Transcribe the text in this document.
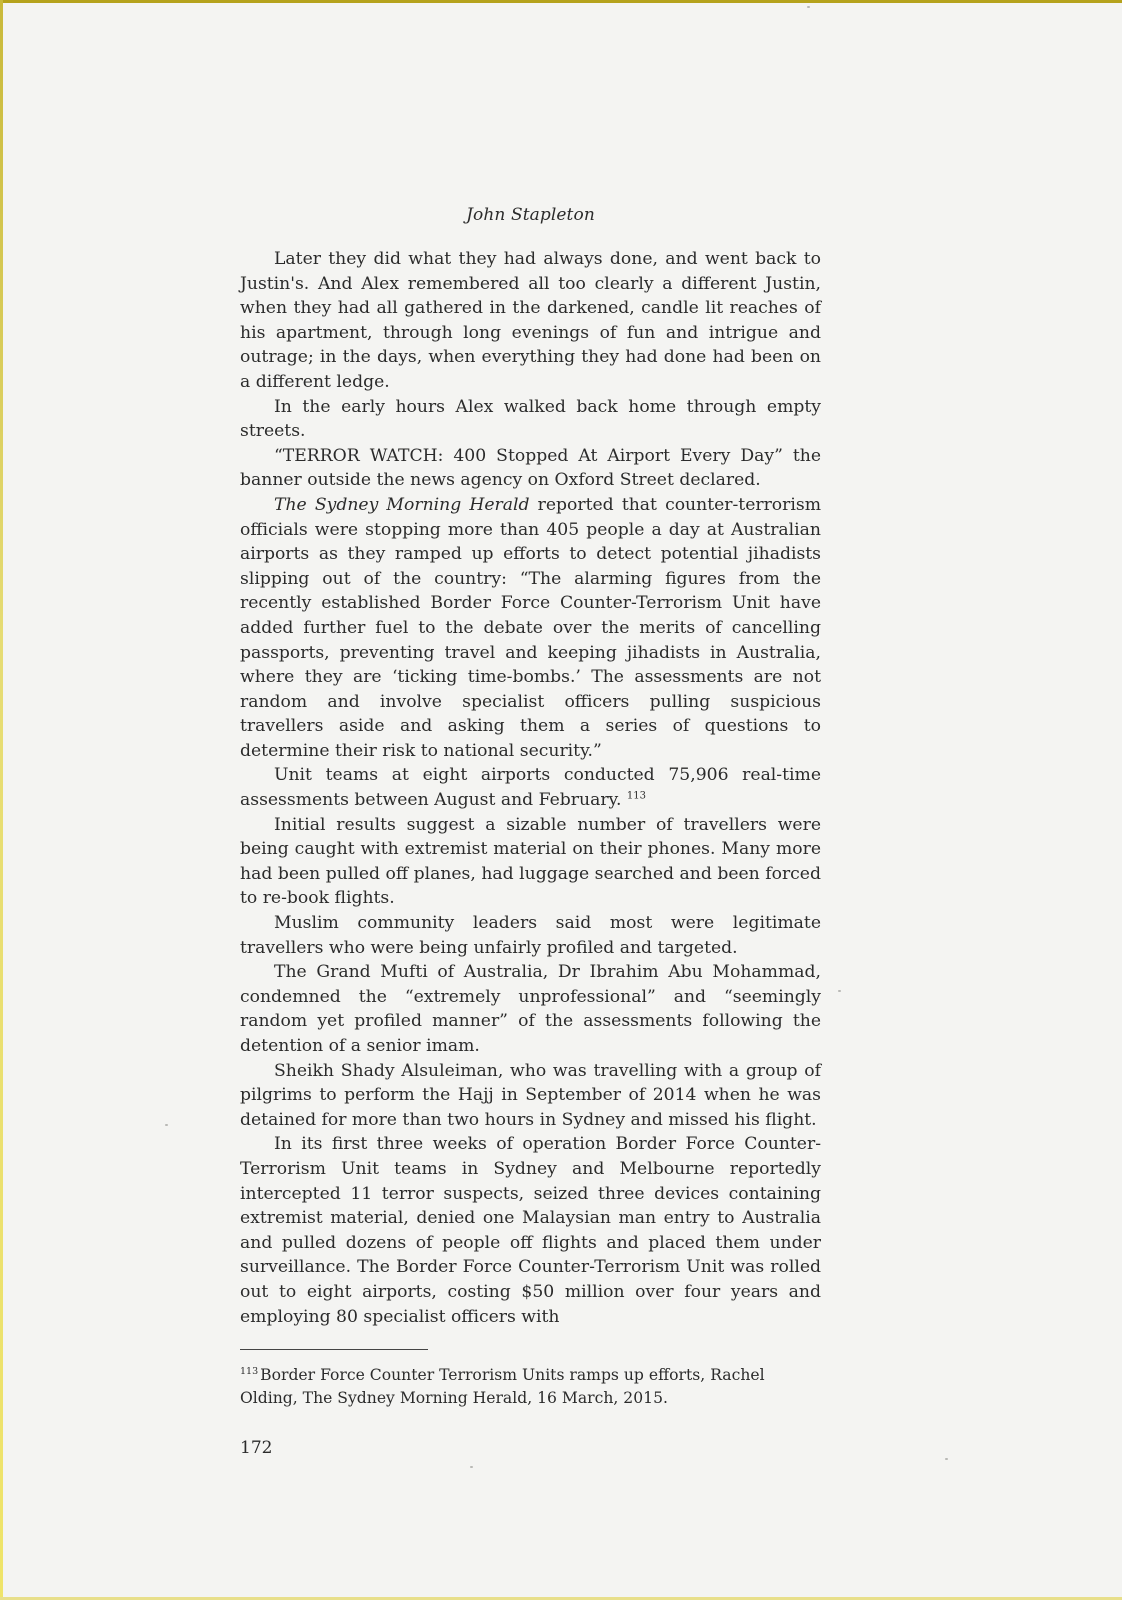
John Stapleton

Later they did what they had always done, and went back to Justin's. And Alex remembered all too clearly a different Justin, when they had all gathered in the darkened, candle lit reaches of his apartment, through long evenings of fun and intrigue and outrage; in the days, when everything they had done had been on a different ledge.

In the early hours Alex walked back home through empty streets.

“TERROR WATCH: 400 Stopped At Airport Every Day” the banner outside the news agency on Oxford Street declared.

The Sydney Morning Herald reported that counter-terrorism officials were stopping more than 405 people a day at Australian airports as they ramped up efforts to detect potential jihadists slipping out of the country: “The alarming figures from the recently established Border Force Counter-Terrorism Unit have added further fuel to the debate over the merits of cancelling passports, preventing travel and keeping jihadists in Australia, where they are ‘ticking time-bombs.’ The assessments are not random and involve specialist officers pulling suspicious travellers aside and asking them a series of questions to determine their risk to national security.”

Unit teams at eight airports conducted 75,906 real-time assessments between August and February. $^{113}$

Initial results suggest a sizable number of travellers were being caught with extremist material on their phones. Many more had been pulled off planes, had luggage searched and been forced to re-book flights.

Muslim community leaders said most were legitimate travellers who were being unfairly profiled and targeted.

The Grand Mufti of Australia, Dr Ibrahim Abu Mohammad, condemned the “extremely unprofessional” and “seemingly random yet profiled manner” of the assessments following the detention of a senior imam.

Sheikh Shady Alsuleiman, who was travelling with a group of pilgrims to perform the Hajj in September of 2014 when he was detained for more than two hours in Sydney and missed his flight.

In its first three weeks of operation Border Force Counter-Terrorism Unit teams in Sydney and Melbourne reportedly intercepted 11 terror suspects, seized three devices containing extremist material, denied one Malaysian man entry to Australia and pulled dozens of people off flights and placed them under surveillance. The Border Force Counter-Terrorism Unit was rolled out to eight airports, costing $50 million over four years and employing 80 specialist officers with

$^{113}$ Border Force Counter Terrorism Units ramps up efforts, Rachel Olding, The Sydney Morning Herald, 16 March, 2015.

172
